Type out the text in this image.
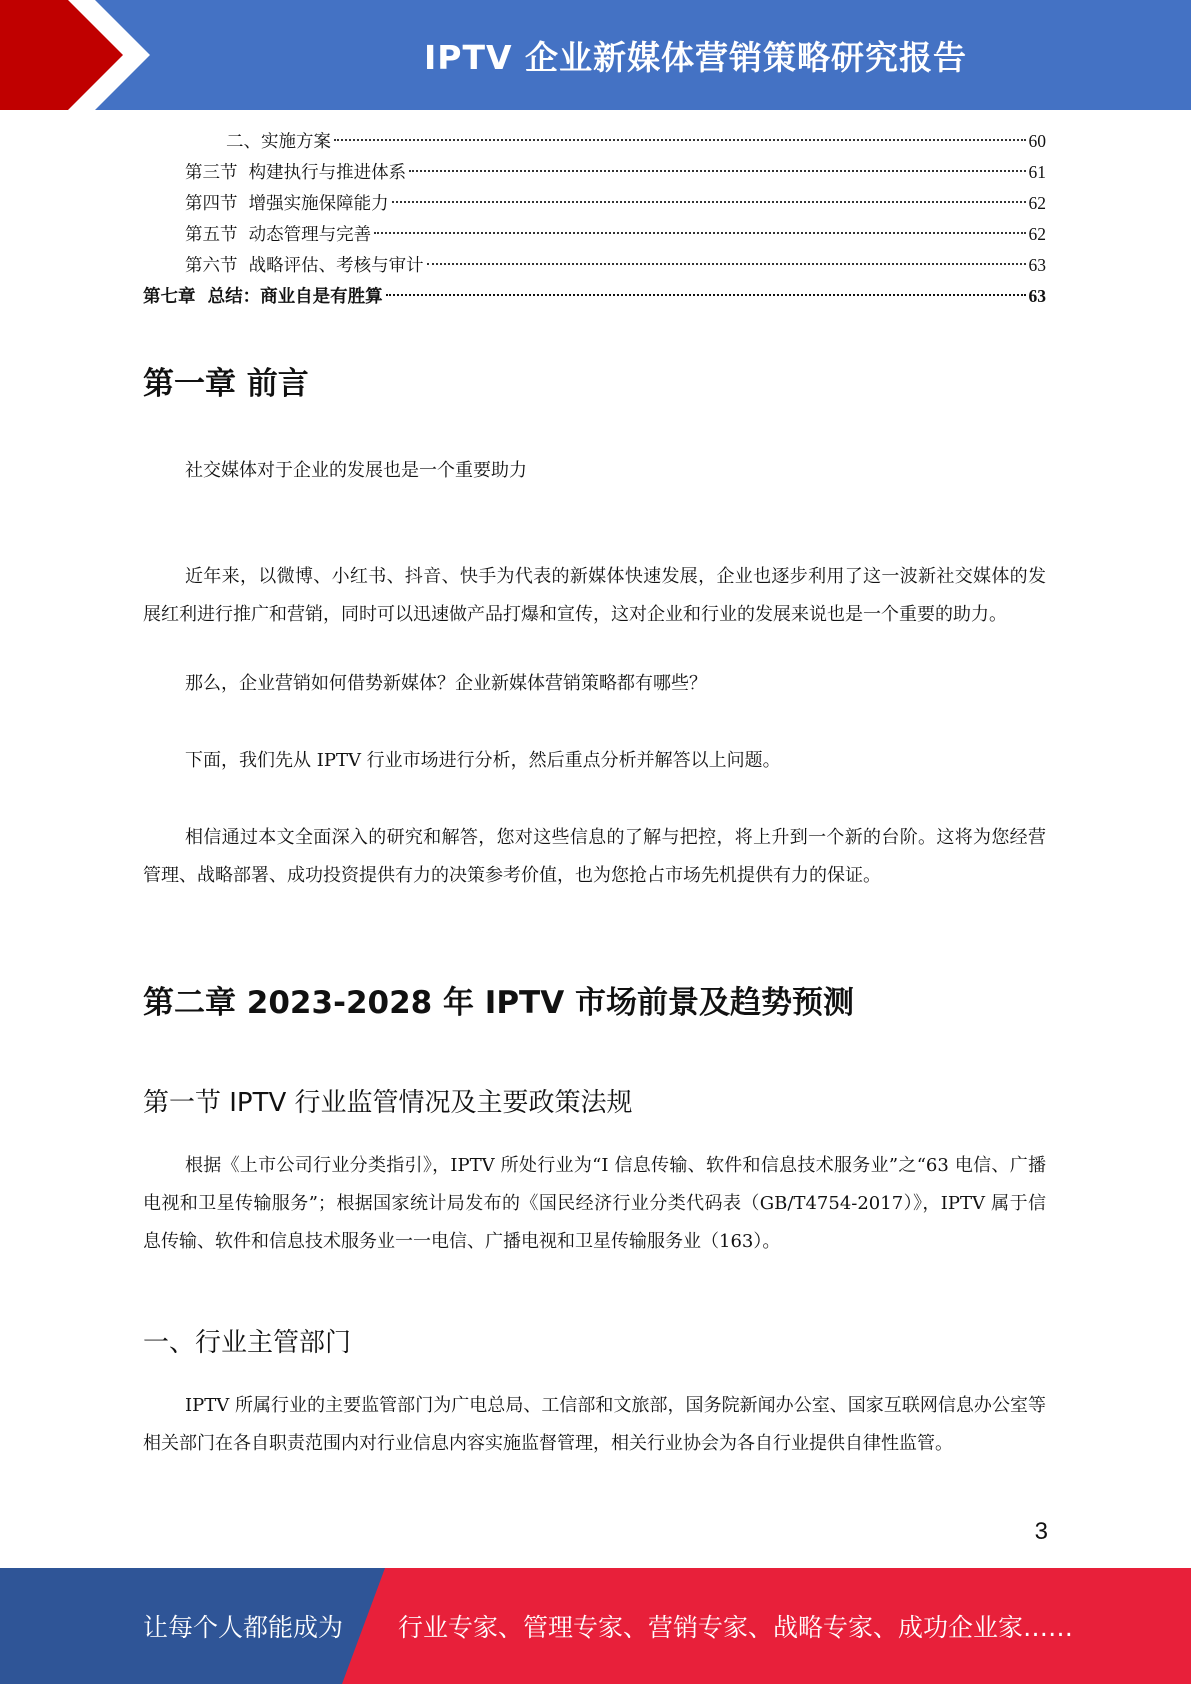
IPTV 企业新媒体营销策略研究报告
二、实施方案	60
第三节  构建执行与推进体系	61
第四节  增强实施保障能力	62
第五节  动态管理与完善	62
第六节  战略评估、考核与审计	63
第七章  总结：商业自是有胜算	63
第一章 前言

社交媒体对于企业的发展也是一个重要助力

近年来，以微博、小红书、抖音、快手为代表的新媒体快速发展，企业也逐步利用了这一波新社交媒体的发展红利进行推广和营销，同时可以迅速做产品打爆和宣传，这对企业和行业的发展来说也是一个重要的助力。

那么，企业营销如何借势新媒体？企业新媒体营销策略都有哪些？

下面，我们先从 IPTV 行业市场进行分析，然后重点分析并解答以上问题。

相信通过本文全面深入的研究和解答，您对这些信息的了解与把控，将上升到一个新的台阶。这将为您经营管理、战略部署、成功投资提供有力的决策参考价值，也为您抢占市场先机提供有力的保证。

第二章 2023-2028 年 IPTV 市场前景及趋势预测
第一节 IPTV 行业监管情况及主要政策法规

根据《上市公司行业分类指引》，IPTV 所处行业为“I 信息传输、软件和信息技术服务业”之“63 电信、广播电视和卫星传输服务”；根据国家统计局发布的《国民经济行业分类代码表（GB/T4754-2017）》，IPTV 属于信息传输、软件和信息技术服务业一一电信、广播电视和卫星传输服务业（163）。

一、行业主管部门

IPTV 所属行业的主要监管部门为广电总局、工信部和文旅部，国务院新闻办公室、国家互联网信息办公室等相关部门在各自职责范围内对行业信息内容实施监督管理，相关行业协会为各自行业提供自律性监管。

3
让每个人都能成为 行业专家、管理专家、营销专家、战略专家、成功企业家……
